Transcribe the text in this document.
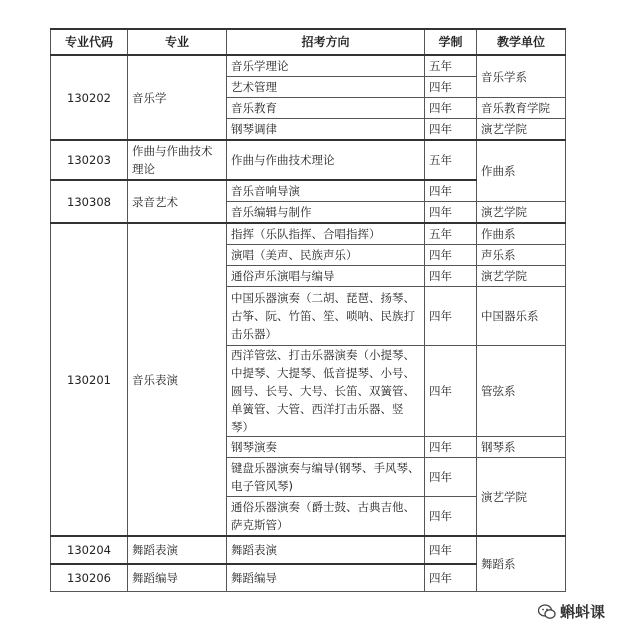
专业代码	专业	招考方向	学制	教学单位
130202	音乐学	音乐学理论	五年	音乐学系
		艺术管理	四年	
		音乐教育	四年	音乐教育学院
		钢琴调律	四年	演艺学院
130203	作曲与作曲技术理论	作曲与作曲技术理论	五年	作曲系
130308	录音艺术	音乐音响导演	四年	
		音乐编辑与制作	四年	演艺学院
130201	音乐表演	指挥（乐队指挥、合唱指挥）	五年	作曲系
		演唱（美声、民族声乐）	四年	声乐系
		通俗声乐演唱与编导	四年	演艺学院
		中国乐器演奏（二胡、琵琶、扬琴、古筝、阮、竹笛、笙、唢呐、民族打击乐器）	四年	中国器乐系
		西洋管弦、打击乐器演奏（小提琴、中提琴、大提琴、低音提琴、小号、圆号、长号、大号、长笛、双簧管、单簧管、大管、西洋打击乐器、竖琴）	四年	管弦系
		钢琴演奏	四年	钢琴系
		键盘乐器演奏与编导(钢琴、手风琴、电子管风琴)	四年	演艺学院
		通俗乐器演奏（爵士鼓、古典吉他、萨克斯管）	四年	
130204	舞蹈表演	舞蹈表演	四年	舞蹈系
130206	舞蹈编导	舞蹈编导	四年	
蝌蚪课
